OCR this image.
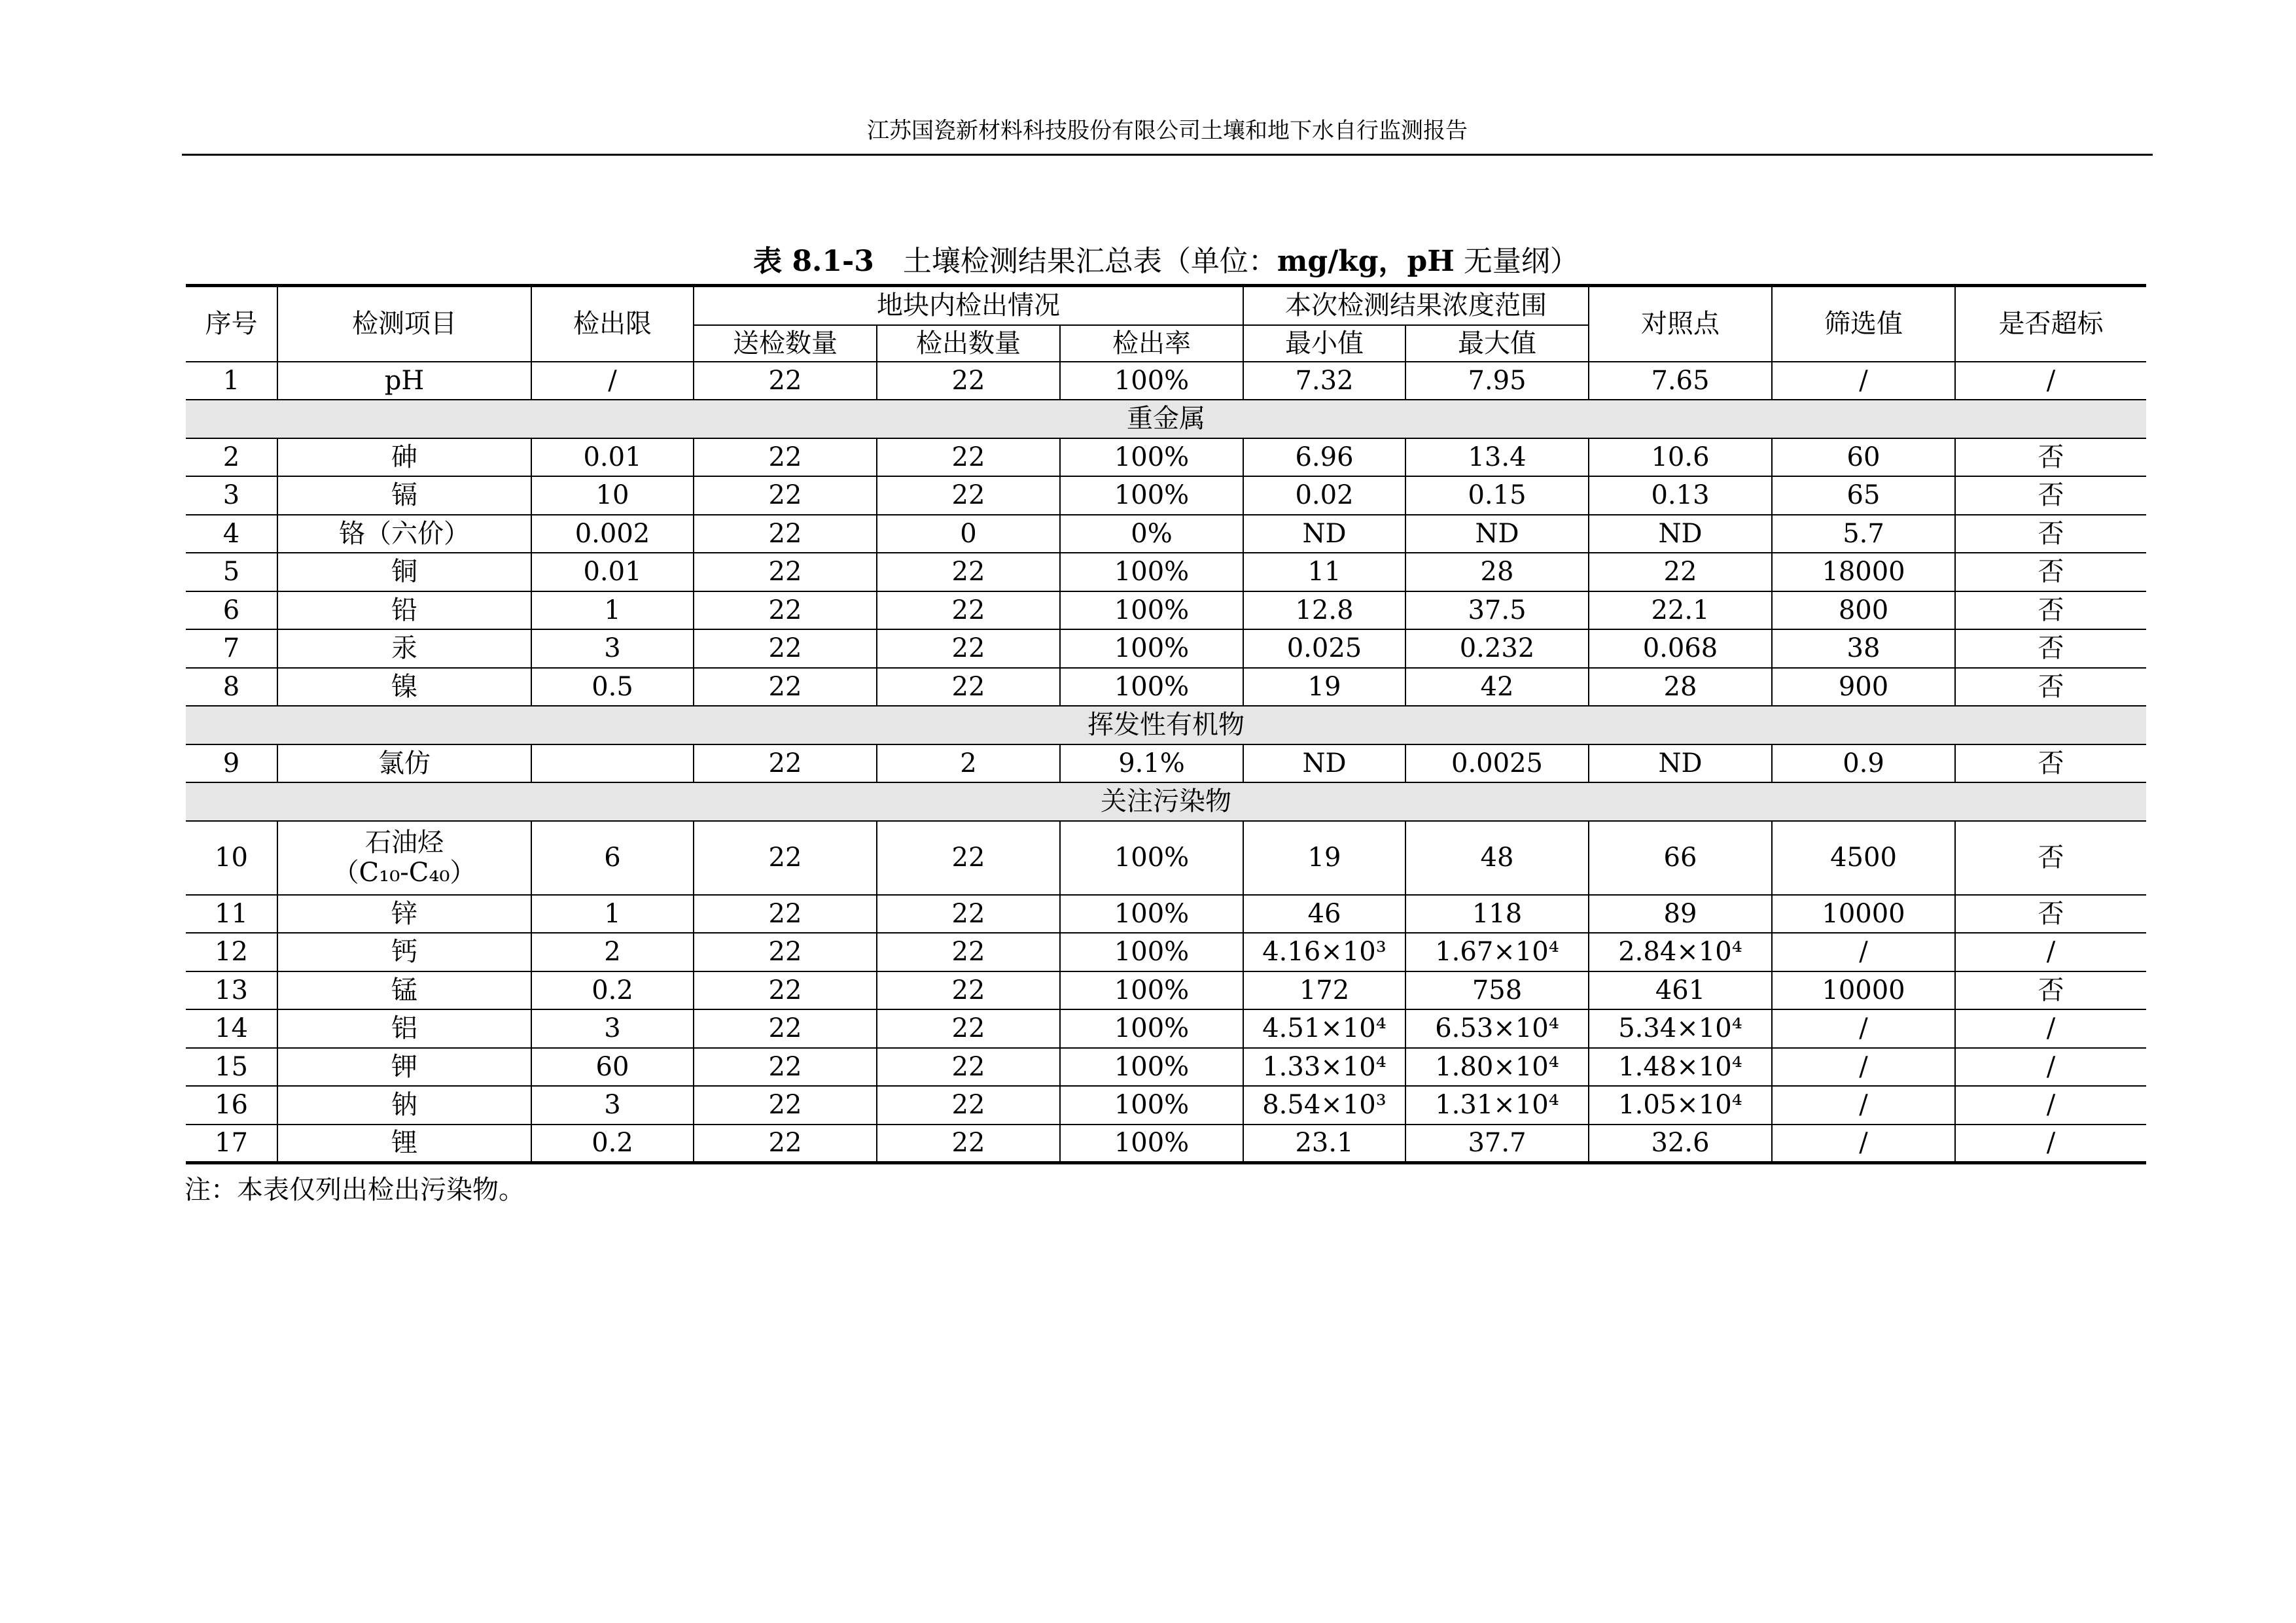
江苏国瓷新材料科技股份有限公司土壤和地下水自行监测报告
表 8.1-3  土壤检测结果汇总表（单位：mg/kg，pH 无量纲）
序号	检测项目	检出限	地块内检出情况			本次检测结果浓度范围		对照点	筛选值	是否超标
			送检数量	检出数量	检出率	最小值	最大值			
1	pH	/	22	22	100%	7.32	7.95	7.65	/	/
重金属										
2	砷	0.01	22	22	100%	6.96	13.4	10.6	60	否
3	镉	10	22	22	100%	0.02	0.15	0.13	65	否
4	铬（六价）	0.002	22	0	0%	ND	ND	ND	5.7	否
5	铜	0.01	22	22	100%	11	28	22	18000	否
6	铅	1	22	22	100%	12.8	37.5	22.1	800	否
7	汞	3	22	22	100%	0.025	0.232	0.068	38	否
8	镍	0.5	22	22	100%	19	42	28	900	否
挥发性有机物										
9	氯仿		22	2	9.1%	ND	0.0025	ND	0.9	否
关注污染物										
10	石油烃
（C₁₀-C₄₀）	6	22	22	100%	19	48	66	4500	否
11	锌	1	22	22	100%	46	118	89	10000	否
12	钙	2	22	22	100%	4.16×10³	1.67×10⁴	2.84×10⁴	/	/
13	锰	0.2	22	22	100%	172	758	461	10000	否
14	铝	3	22	22	100%	4.51×10⁴	6.53×10⁴	5.34×10⁴	/	/
15	钾	60	22	22	100%	1.33×10⁴	1.80×10⁴	1.48×10⁴	/	/
16	钠	3	22	22	100%	8.54×10³	1.31×10⁴	1.05×10⁴	/	/
17	锂	0.2	22	22	100%	23.1	37.7	32.6	/	/
注：本表仅列出检出污染物。
